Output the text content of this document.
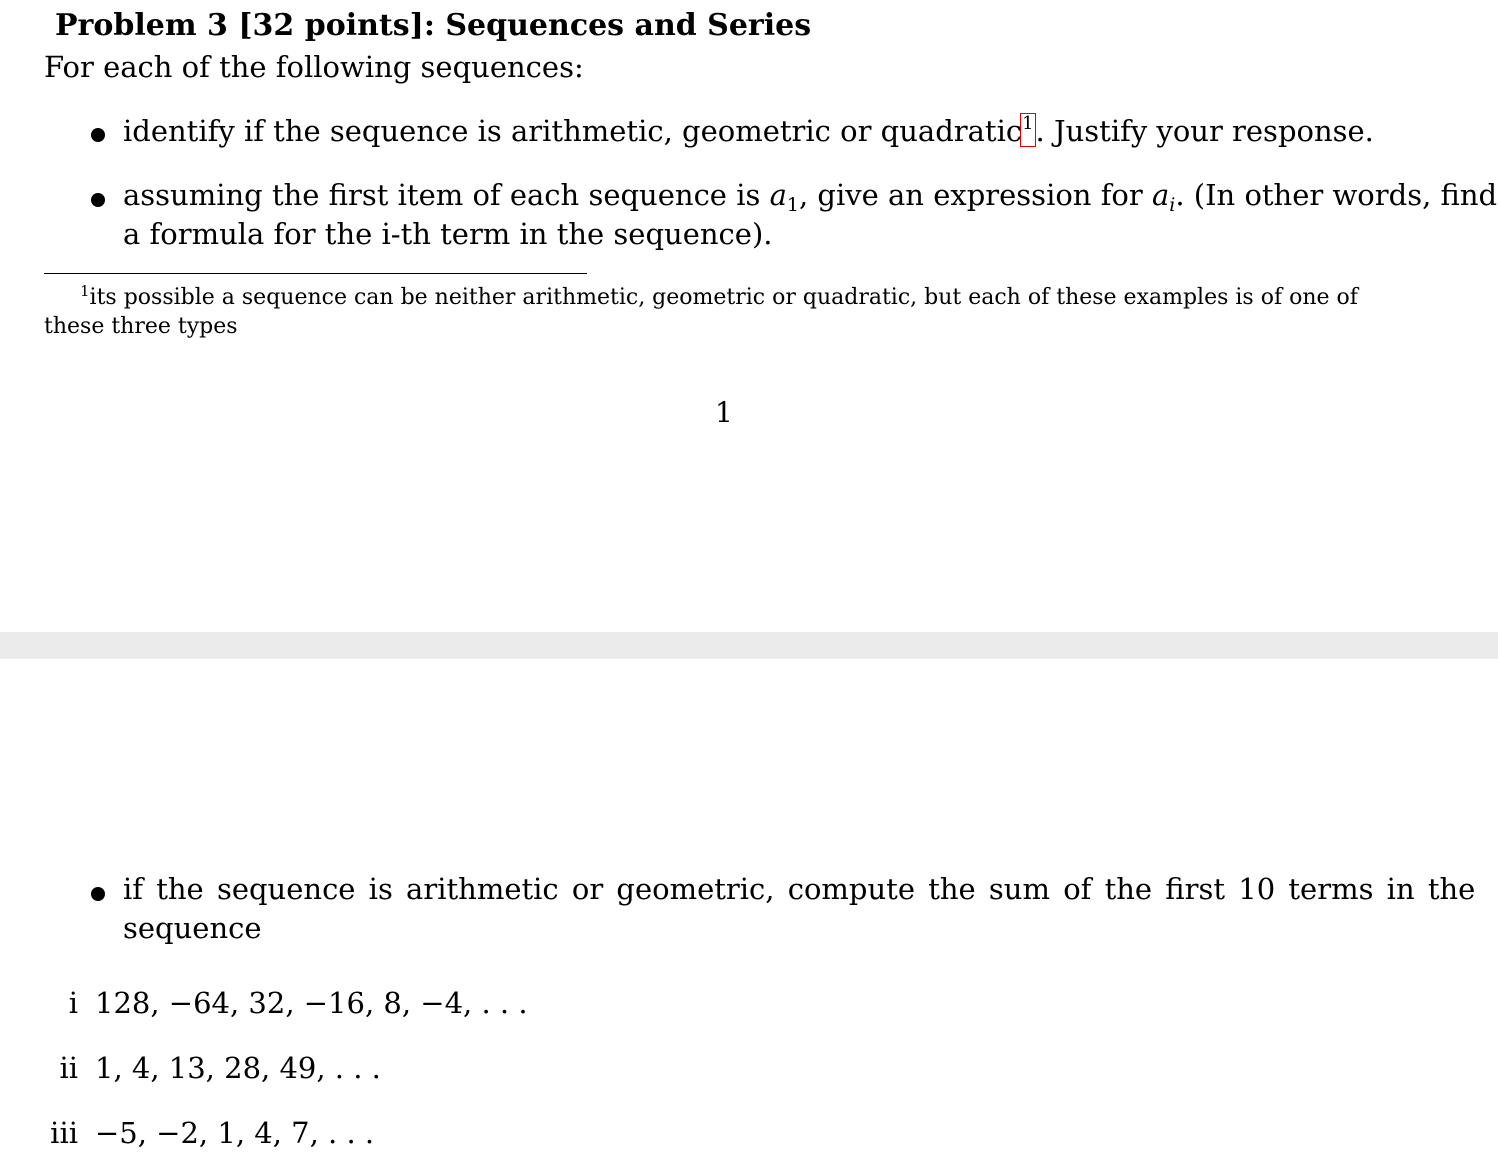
Problem 3 [32 points]: Sequences and Series
For each of the following sequences:
identify if the sequence is arithmetic, geometric or quadratic1. Justify your response.
assuming the first item of each sequence is $a_1$, give an expression for $a_i$. (In other words, find
a formula for the i-th term in the sequence).
$^1$its possible a sequence can be neither arithmetic, geometric or quadratic, but each of these examples is of one of
these three types
1
if the sequence is arithmetic or geometric, compute the sum of the first 10 terms in the
sequence
i 128, −64, 32, −16, 8, −4, . . .
ii 1, 4, 13, 28, 49, . . .
iii −5, −2, 1, 4, 7, . . .
